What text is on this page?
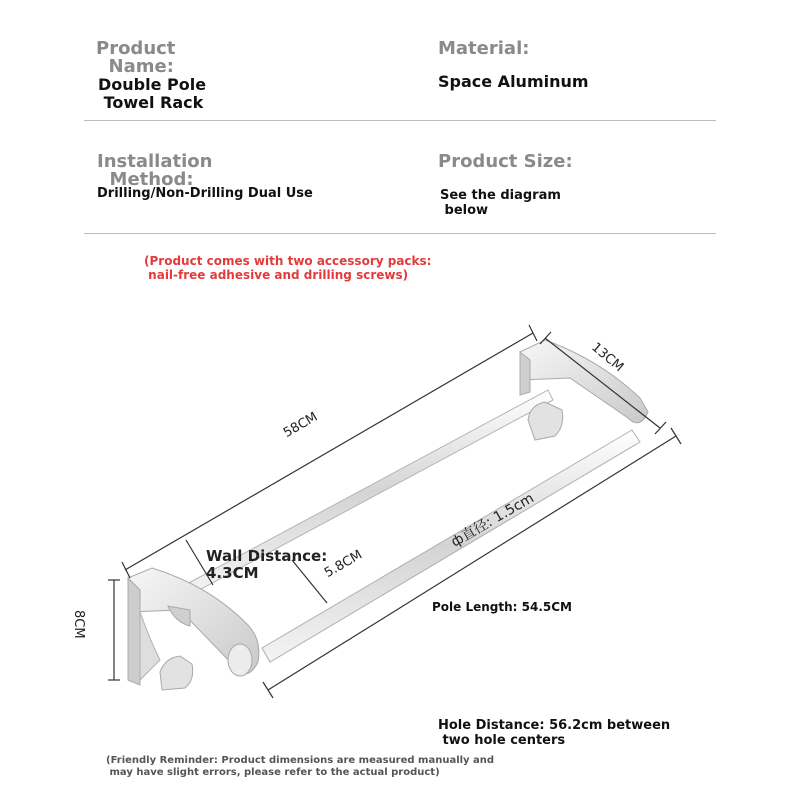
Product
Name:
Double Pole
Towel Rack
Material:
Space Aluminum
Installation
Method:
Drilling/Non-Drilling Dual Use
Product Size:
See the diagram
below
(Product comes with two accessory packs:
nail-free adhesive and drilling screws)
58CM
13CM
8CM
Wall Distance:
4.3CM	5.8CM
ф直径: 1.5cm
Pole Length: 54.5CM
Hole Distance: 56.2cm between
two hole centers
(Friendly Reminder: Product dimensions are measured manually and
may have slight errors, please refer to the actual product)
